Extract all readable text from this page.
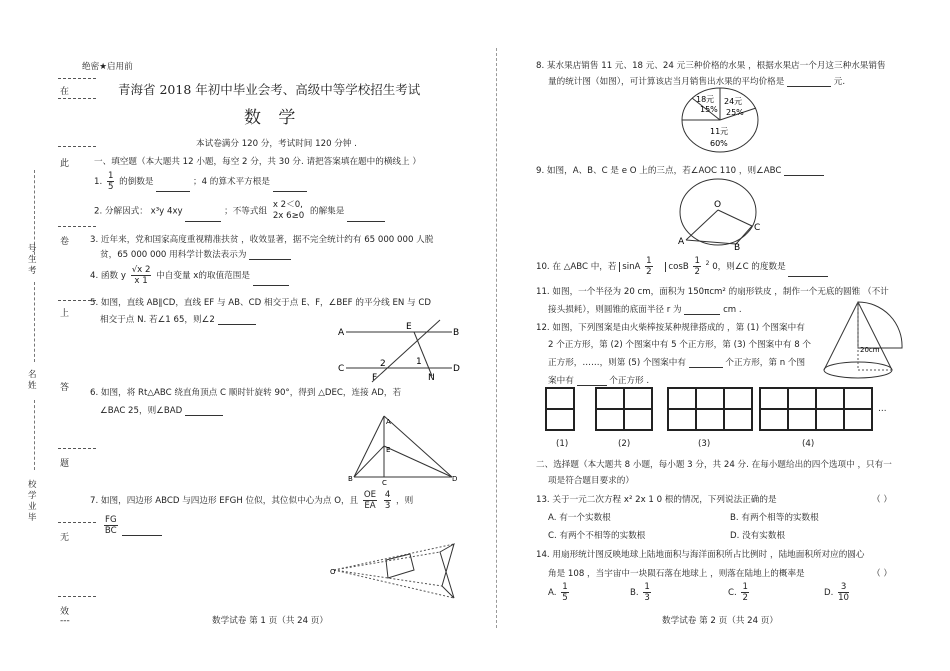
绝密★启用前
在
此
卷
上
答
题
无
效
---
号生考
名姓
校学业毕
青海省 2018 年初中毕业会考、高级中等学校招生考试
数 学
本试卷满分 120 分，考试时间 120 分钟 .
一、填空题（本大题共 12 小题，每空 2 分，共 30 分. 请把答案填在题中的横线上 ）
1. $\frac{1}{5}$ 的倒数是	；4 的算术平方根是
2. 分解因式： x³y 4xy	；不等式组
x 2＜0,
2x 6≥0 的解集是
3. 近年来，党和国家高度重视精准扶贫 ，收效显著，据不完全统计约有 65 000 000 人脱
贫，65 000 000 用科学计数法表示为
4. 函数 y $\frac{√x 2}{x 1}$ 中自变量 x的取值范围是
5. 如图，直线 AB∥CD，直线 EF 与 AB、CD 相交于点 E、F，∠BEF 的平分线 EN 与 CD
相交于点 N. 若∠1 65，则∠2
A	B
C	D
E
F	N
1
2
6. 如图，将 Rt△ABC 绕直角顶点 C 顺时针旋转 90°，得到 △DEC，连接 AD，若
∠BAC 25，则∠BAD
A
E
B	C	D
7. 如图，四边形 ABCD 与四边形 EFGH 位似，其位似中心为点 O，且 $\frac{OE}{EA}$
$\frac{4}{3}$ ，则
$\frac{FG}{BC}$

O
数学试卷 第 1 页（共 24 页）
8. 某水果店销售 11 元、18 元、24 元三种价格的水果 ，根据水果店一个月这三种水果销售
量的统计图（如图），可计算该店当月销售出水果的平均价格是	元.
18元
15%
24元
25%
11元
60%
9. 如图，A、B、C 是 e O 上的三点，若∠AOC 110 ，则∠ABC
O
A
B
C
10. 在 △ABC 中，若 sinA $\frac{1}{2}$ cosB $\frac{1}{2} ^2$ 0，则∠C 的度数是
11. 如图，一个半径为 20 cm，面积为 150πcm² 的扇形铁皮 ，制作一个无底的圆锥 （不计
接头损耗），则圆锥的底面半径 r 为	cm .
20cm
12. 如图，下列图案是由火柴棒按某种规律搭成的 ，第 (1) 个图案中有
2 个正方形，第 (2) 个图案中有 5 个正方形，第 (3) 个图案中有 8 个
正方形，……，则第 (5) 个图案中有	个正方形，第 n 个图
案中有	个正方形 .
(1)	(2)	(3)	(4)
…
二、选择题（本大题共 8 小题，每小题 3 分，共 24 分. 在每小题给出的四个选项中 ，只有一
项是符合题目要求的）
13. 关于一元二次方程 x² 2x 1 0 根的情况，下列说法正确的是	（ ）
A. 有一个实数根	B. 有两个相等的实数根
C. 有两个不相等的实数根	D. 没有实数根
14. 用扇形统计图反映地球上陆地面积与海洋面积所占比例时 ，陆地面积所对应的圆心
角是 108 ，当宇宙中一块陨石落在地球上 ，则落在陆地上的概率是	（ ）
A. $\frac{1}{5}$	B. $\frac{1}{3}$	C. $\frac{1}{2}$	D. $\frac{3}{10}$
数学试卷 第 2 页（共 24 页）
